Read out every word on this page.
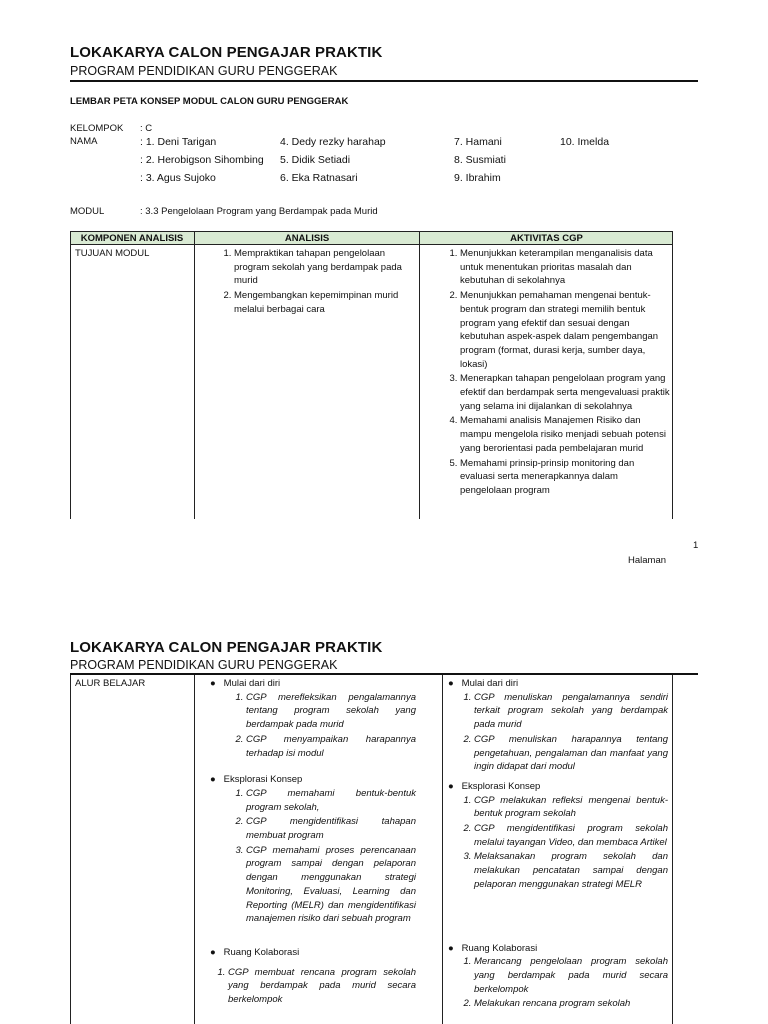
LOKAKARYA CALON PENGAJAR PRAKTIK
PROGRAM PENDIDIKAN GURU PENGGERAK
LEMBAR PETA KONSEP MODUL CALON GURU PENGGERAK
KELOMPOK : C
NAMA	: 1. Deni Tarigan
: 2. Herobigson Sihombing
: 3. Agus Sujoko
4. Dedy rezky harahap
5. Didik Setiadi
6. Eka Ratnasari
7. Hamani
8. Susmiati
9. Ibrahim
10. Imelda
MODUL	: 3.3 Pengelolaan Program yang Berdampak pada Murid
KOMPONEN ANALISIS	ANALISIS	AKTIVITAS CGP
TUJUAN MODUL
1.	Mempraktikan tahapan pengelolaan program sekolah yang berdampak pada murid
2. Mengembangkan kepemimpinan murid melalui berbagai cara
1. Menunjukkan keterampilan menganalisis data untuk menentukan prioritas masalah dan kebutuhan di sekolahnya
2. Menunjukkan pemahaman mengenai bentuk-bentuk program dan strategi memilih bentuk program yang efektif dan sesuai dengan kebutuhan aspek-aspek dalam pengembangan program (format, durasi kerja, sumber daya, lokasi)
3. Menerapkan tahapan pengelolaan program yang efektif dan berdampak serta mengevaluasi praktik yang selama ini dijalankan di sekolahnya
4. Memahami analisis Manajemen Risiko dan mampu mengelola risiko menjadi sebuah potensi yang berorientasi pada pembelajaran murid
5. Memahami prinsip-prinsip monitoring dan evaluasi serta menerapkannya dalam pengelolaan program
1
Halaman
LOKAKARYA CALON PENGAJAR PRAKTIK
PROGRAM PENDIDIKAN GURU PENGGERAK
ALUR BELAJAR	●   Mulai dari diri
1. CGP merefleksikan pengalamannya tentang program sekolah yang berdampak pada murid
2. CGP menyampaikan harapannya terhadap isi modul
●   Eksplorasi Konsep
1. CGP memahami bentuk-bentuk program sekolah,
2. CGP mengidentifikasi tahapan membuat program
3. CGP memahami proses perencanaan program sampai dengan pelaporan dengan menggunakan strategi Monitoring, Evaluasi, Learning dan Reporting (MELR) dan mengidentifikasi manajemen risiko dari sebuah program
●   Ruang Kolaborasi
1. CGP membuat rencana program sekolah yang berdampak pada murid secara berkelompok
●   Mulai dari diri
1. CGP menuliskan pengalamannya sendiri terkait program sekolah yang berdampak pada murid
2. CGP menuliskan harapannya tentang pengetahuan, pengalaman dan manfaat yang ingin didapat dari modul
●   Eksplorasi Konsep
1. CGP melakukan refleksi mengenai bentuk-bentuk program sekolah
2. CGP mengidentifikasi program sekolah melalui tayangan Video, dan membaca Artikel
3. Melaksanakan program sekolah dan melakukan pencatatan sampai dengan pelaporan menggunakan strategi MELR
●   Ruang Kolaborasi
1. Merancang pengelolaan program sekolah yang berdampak pada murid secara berkelompok
2. Melakukan rencana program sekolah
